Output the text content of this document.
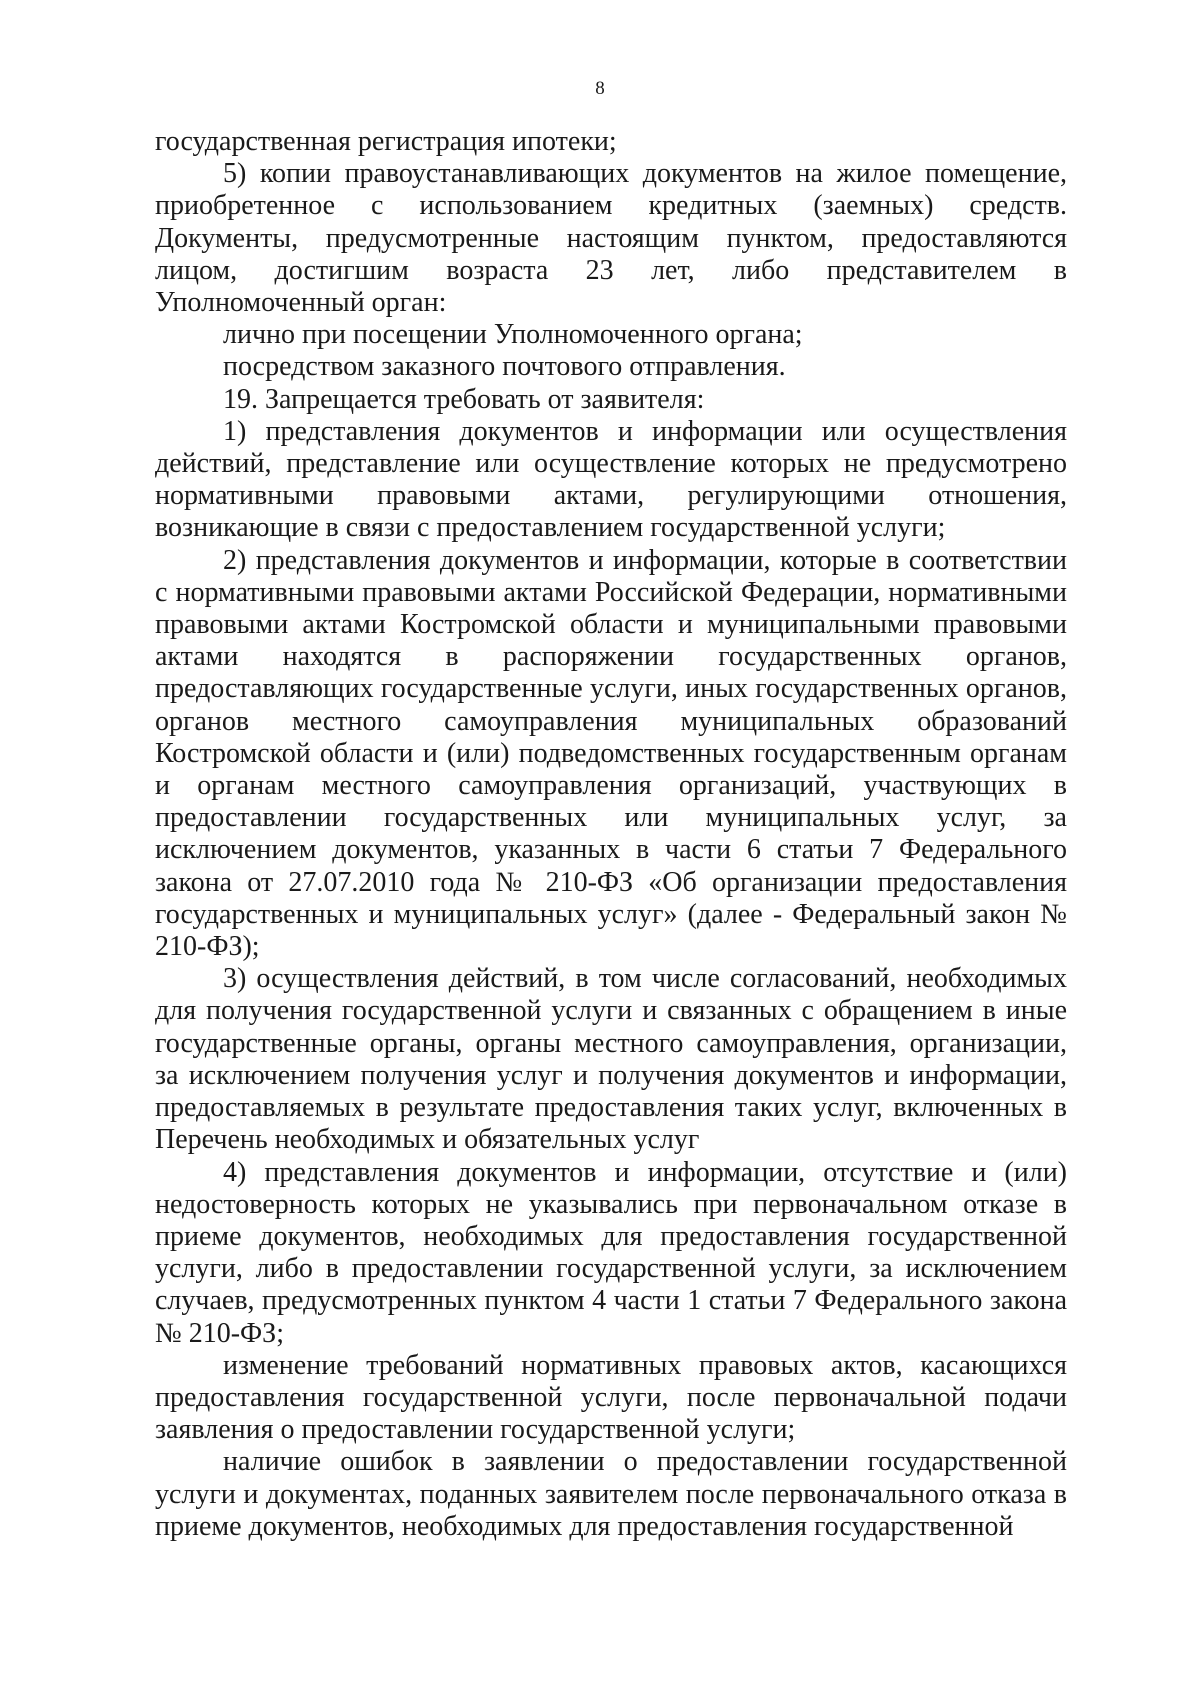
8

государственная регистрация ипотеки;

5) копии правоустанавливающих документов на жилое помещение, приобретенное с использованием кредитных (заемных) средств. Документы, предусмотренные настоящим пунктом, предоставляются лицом, достигшим возраста 23 лет, либо представителем в Уполномоченный орган:

лично при посещении Уполномоченного органа;

посредством заказного почтового отправления.

19. Запрещается требовать от заявителя:

1) представления документов и информации или осуществления действий, представление или осуществление которых не предусмотрено нормативными правовыми актами, регулирующими отношения, возникающие в связи с предоставлением государственной услуги;

2) представления документов и информации, которые в соответствии с нормативными правовыми актами Российской Федерации, нормативными правовыми актами Костромской области и муниципальными правовыми актами находятся в распоряжении государственных органов, предоставляющих государственные услуги, иных государственных органов, органов местного самоуправления муниципальных образований Костромской области и (или) подведомственных государственным органам и органам местного самоуправления организаций, участвующих в предоставлении государственных или муниципальных услуг, за исключением документов, указанных в части 6 статьи 7 Федерального закона от 27.07.2010 года № 210-ФЗ «Об организации предоставления государственных и муниципальных услуг» (далее - Федеральный закон № 210-ФЗ);

3) осуществления действий, в том числе согласований, необходимых для получения государственной услуги и связанных с обращением в иные государственные органы, органы местного самоуправления, организации, за исключением получения услуг и получения документов и информации, предоставляемых в результате предоставления таких услуг, включенных в Перечень необходимых и обязательных услуг

4) представления документов и информации, отсутствие и (или) недостоверность которых не указывались при первоначальном отказе в приеме документов, необходимых для предоставления государственной услуги, либо в предоставлении государственной услуги, за исключением случаев, предусмотренных пунктом 4 части 1 статьи 7 Федерального закона № 210-ФЗ;

изменение требований нормативных правовых актов, касающихся предоставления государственной услуги, после первоначальной подачи заявления о предоставлении государственной услуги;

наличие ошибок в заявлении о предоставлении государственной услуги и документах, поданных заявителем после первоначального отказа в приеме документов, необходимых для предоставления государственной
